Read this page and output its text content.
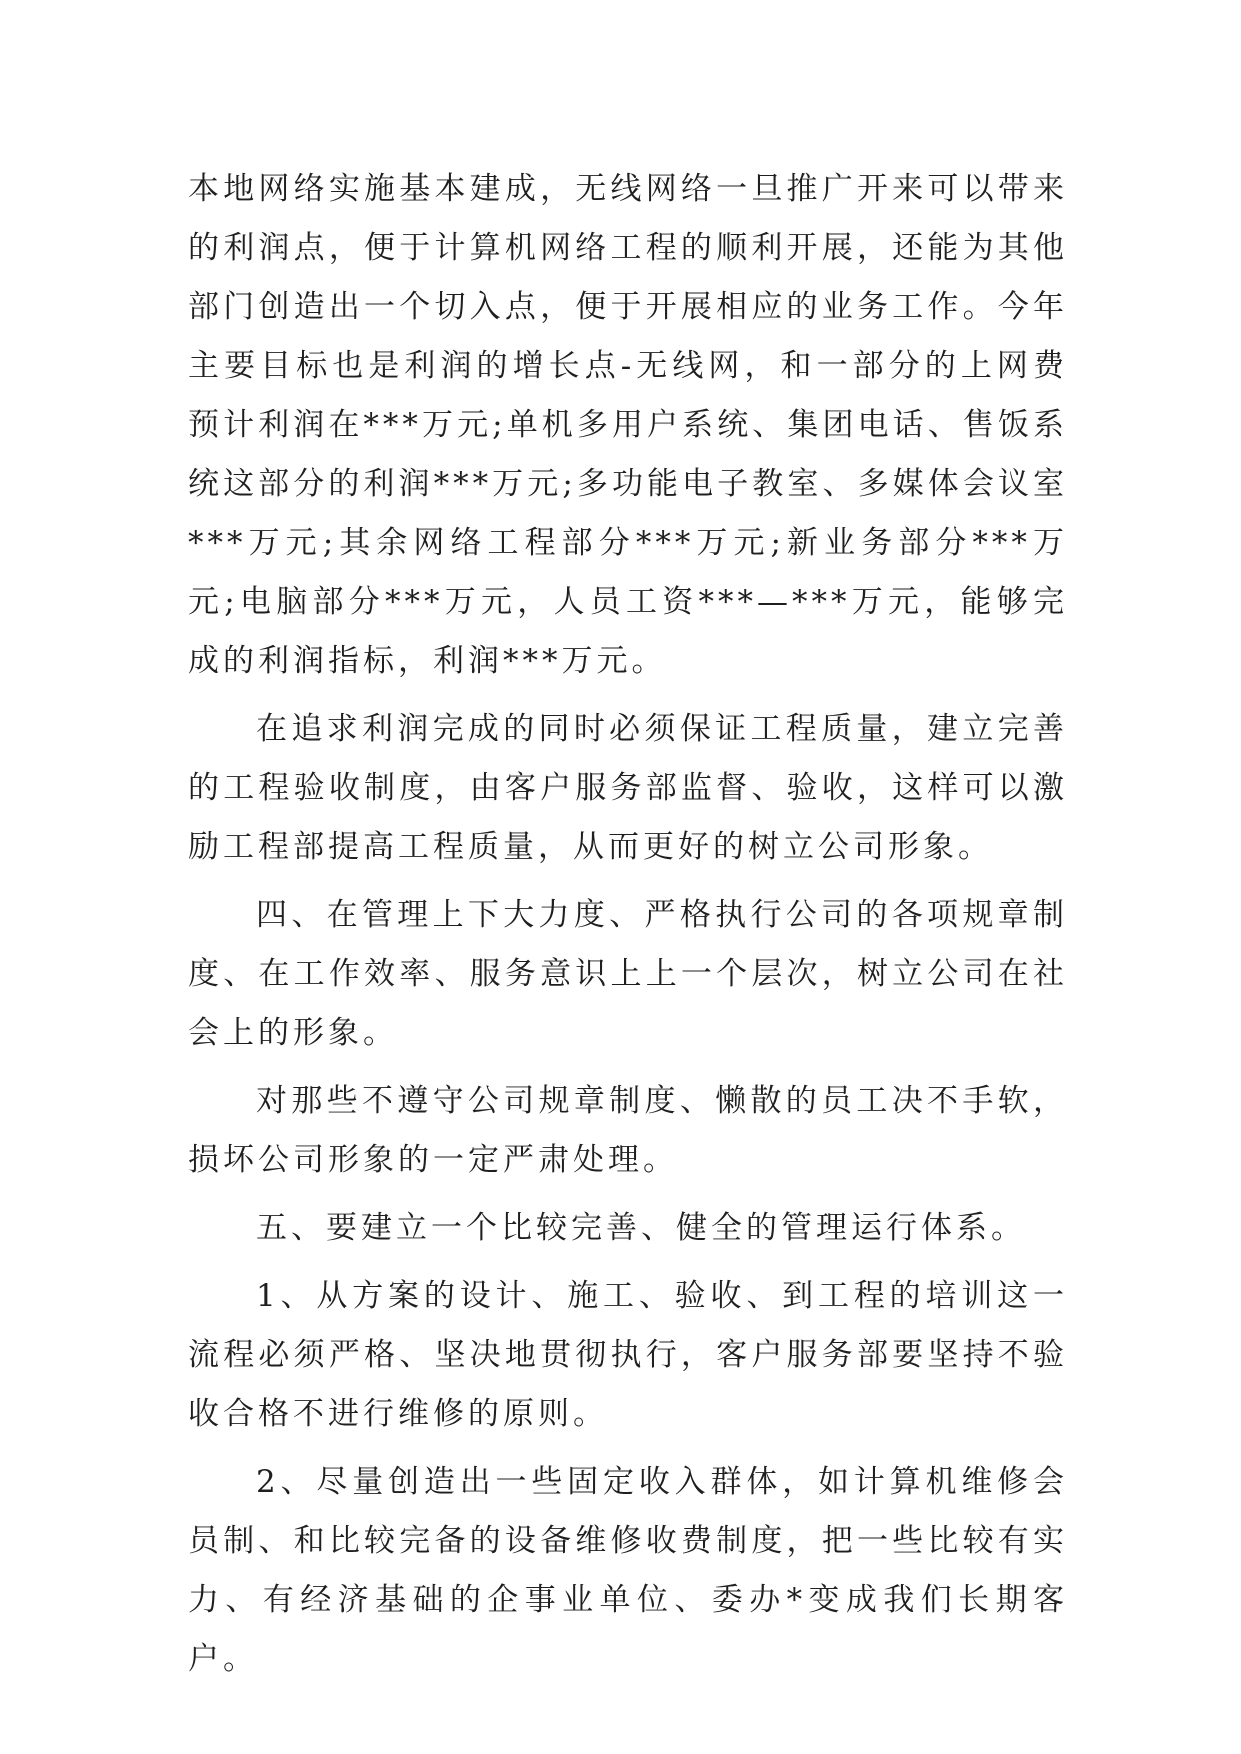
本地网络实施基本建成，无线网络一旦推广开来可以带来的利润点，便于计算机网络工程的顺利开展，还能为其他部门创造出一个切入点，便于开展相应的业务工作。今年主要目标也是利润的增长点-无线网，和一部分的上网费预计利润在***万元;单机多用户系统、集团电话、售饭系统这部分的利润***万元;多功能电子教室、多媒体会议室***万元;其余网络工程部分***万元;新业务部分***万元;电脑部分***万元，人员工资***—***万元，能够完成的利润指标，利润***万元。

在追求利润完成的同时必须保证工程质量，建立完善的工程验收制度，由客户服务部监督、验收，这样可以激励工程部提高工程质量，从而更好的树立公司形象。

四、在管理上下大力度、严格执行公司的各项规章制度、在工作效率、服务意识上上一个层次，树立公司在社会上的形象。

对那些不遵守公司规章制度、懒散的员工决不手软，损坏公司形象的一定严肃处理。

五、要建立一个比较完善、健全的管理运行体系。

1、从方案的设计、施工、验收、到工程的培训这一流程必须严格、坚决地贯彻执行，客户服务部要坚持不验收合格不进行维修的原则。

2、尽量创造出一些固定收入群体，如计算机维修会员制、和比较完备的设备维修收费制度，把一些比较有实力、有经济基础的企事业单位、委办*变成我们长期客户。
